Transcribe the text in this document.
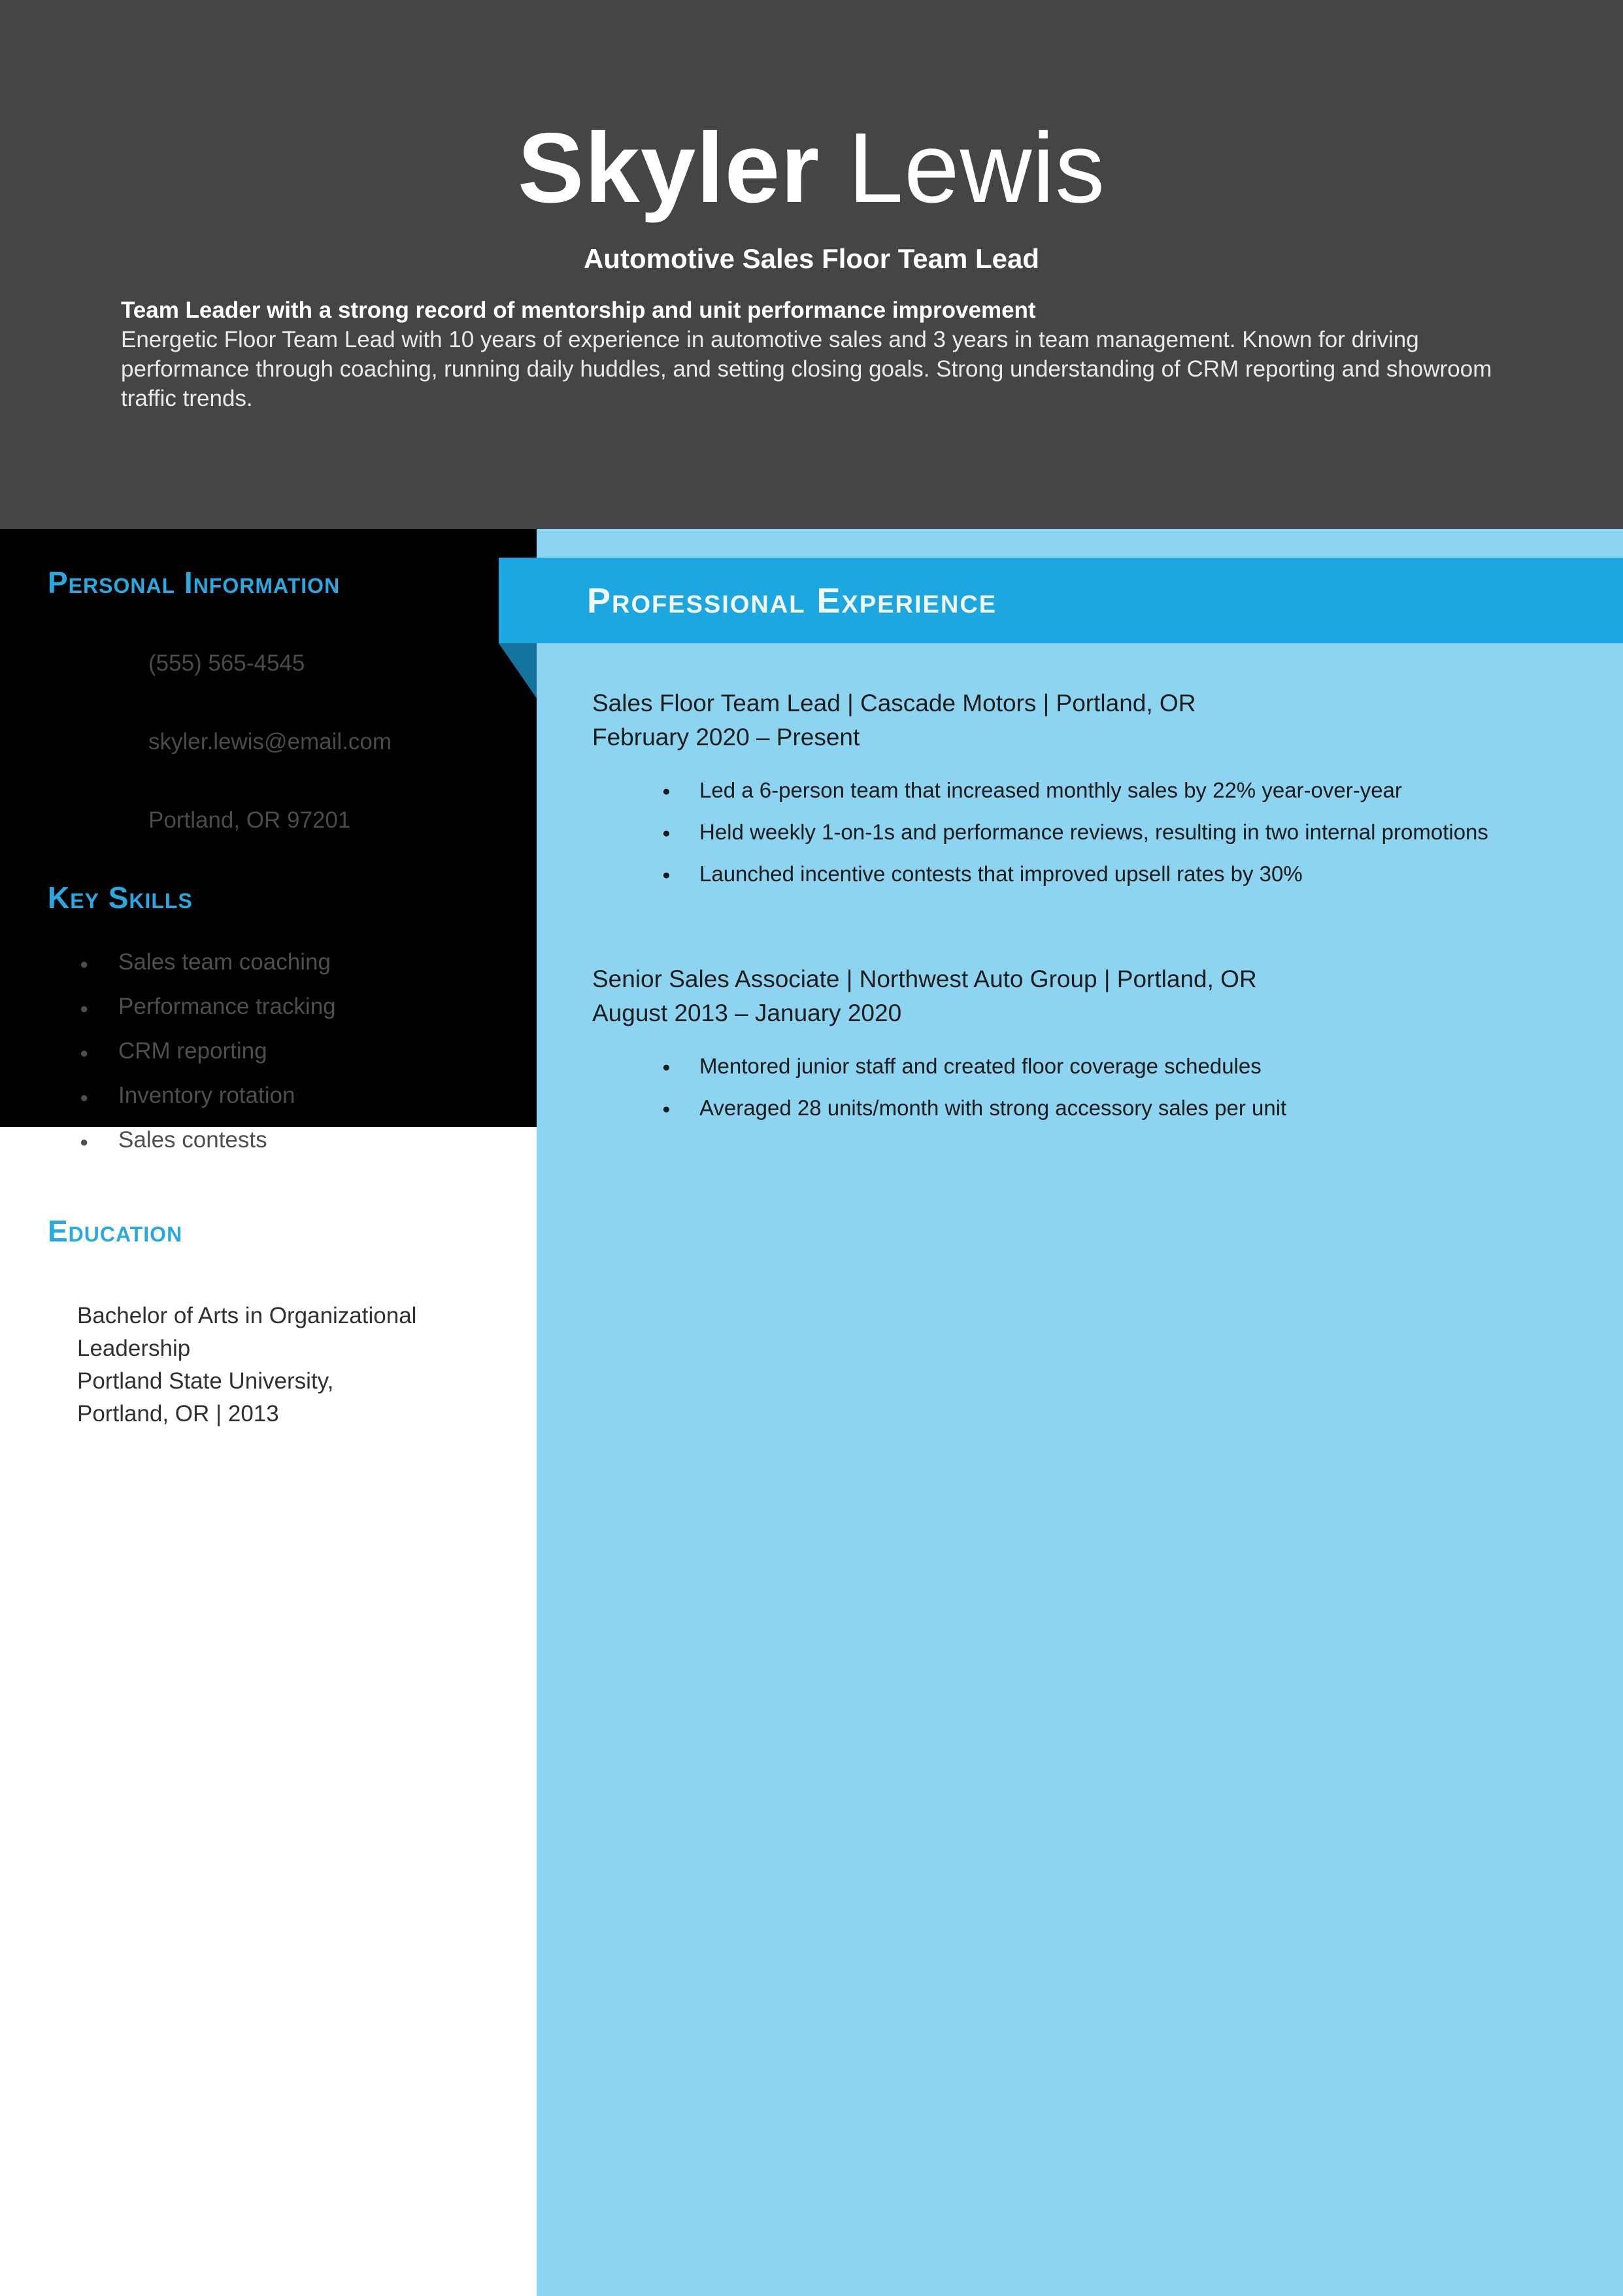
Skyler Lewis
Automotive Sales Floor Team Lead
Team Leader with a strong record of mentorship and unit performance improvement
Energetic Floor Team Lead with 10 years of experience in automotive sales and 3 years in team management. Known for driving performance through coaching, running daily huddles, and setting closing goals. Strong understanding of CRM reporting and showroom traffic trends.
Professional Experience
Personal Information
(555) 565-4545
skyler.lewis@email.com
Portland, OR 97201
Key Skills
● Sales team coaching
● Performance tracking
● CRM reporting
● Inventory rotation
● Sales contests
Education
Bachelor of Arts in Organizational Leadership
Portland State University,
Portland, OR | 2013
Sales Floor Team Lead | Cascade Motors | Portland, OR
February 2020 – Present
● Led a 6-person team that increased monthly sales by 22% year-over-year
● Held weekly 1-on-1s and performance reviews, resulting in two internal promotions
● Launched incentive contests that improved upsell rates by 30%
Senior Sales Associate | Northwest Auto Group | Portland, OR
August 2013 – January 2020
● Mentored junior staff and created floor coverage schedules
● Averaged 28 units/month with strong accessory sales per unit
